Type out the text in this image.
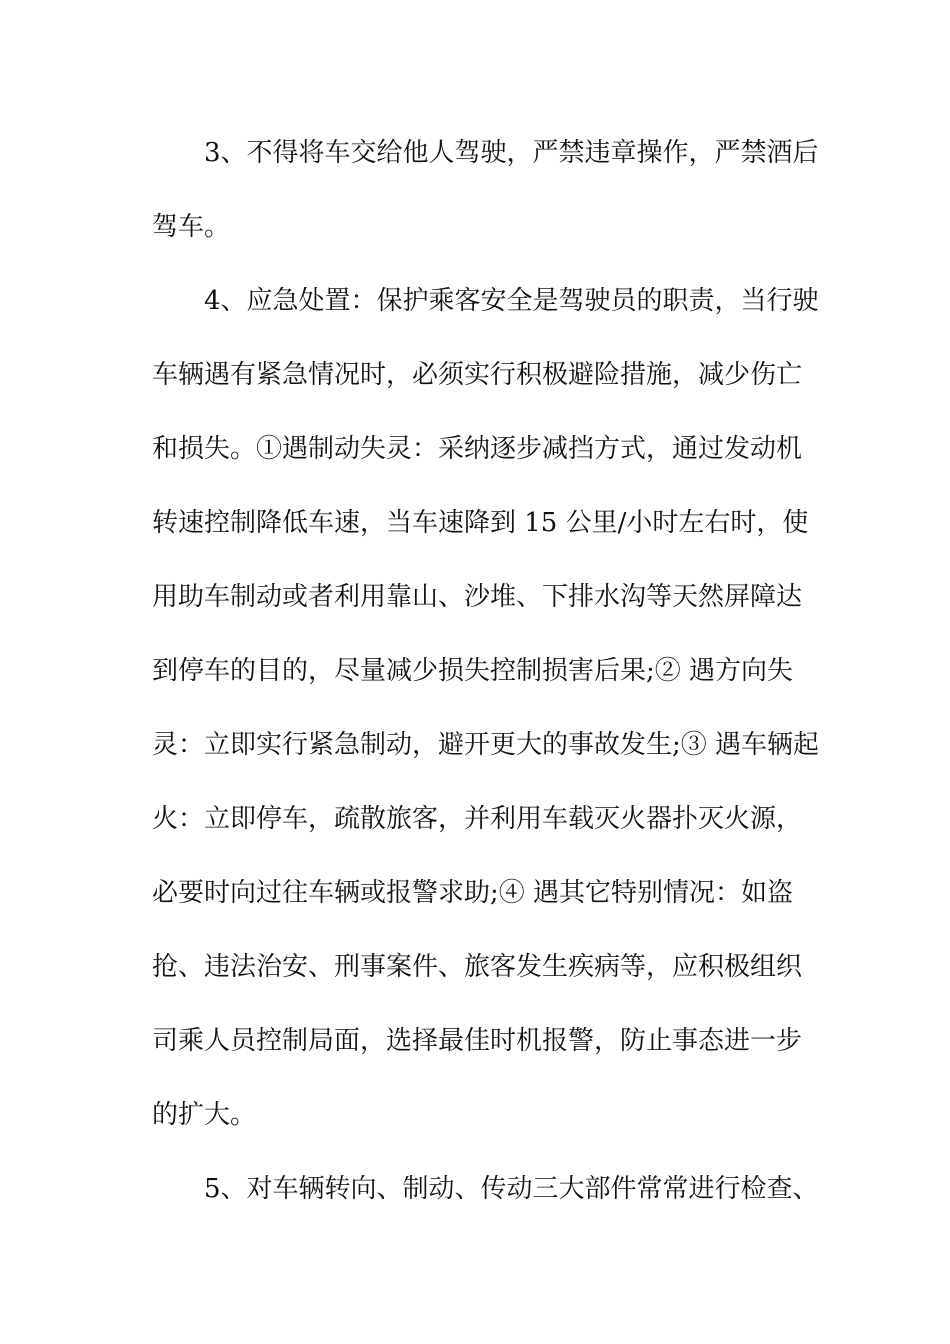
3、不得将车交给他人驾驶，严禁违章操作，严禁酒后
驾车。
4、应急处置：保护乘客安全是驾驶员的职责，当行驶
车辆遇有紧急情况时，必须实行积极避险措施，减少伤亡
和损失。①遇制动失灵：采纳逐步减挡方式，通过发动机
转速控制降低车速，当车速降到 15 公里/小时左右时，使
用助车制动或者利用靠山、沙堆、下排水沟等天然屏障达
到停车的目的，尽量减少损失控制损害后果;② 遇方向失
灵：立即实行紧急制动，避开更大的事故发生;③ 遇车辆起
火：立即停车，疏散旅客，并利用车载灭火器扑灭火源，
必要时向过往车辆或报警求助;④ 遇其它特别情况：如盗
抢、违法治安、刑事案件、旅客发生疾病等，应积极组织
司乘人员控制局面，选择最佳时机报警，防止事态进一步
的扩大。
5、对车辆转向、制动、传动三大部件常常进行检查、
